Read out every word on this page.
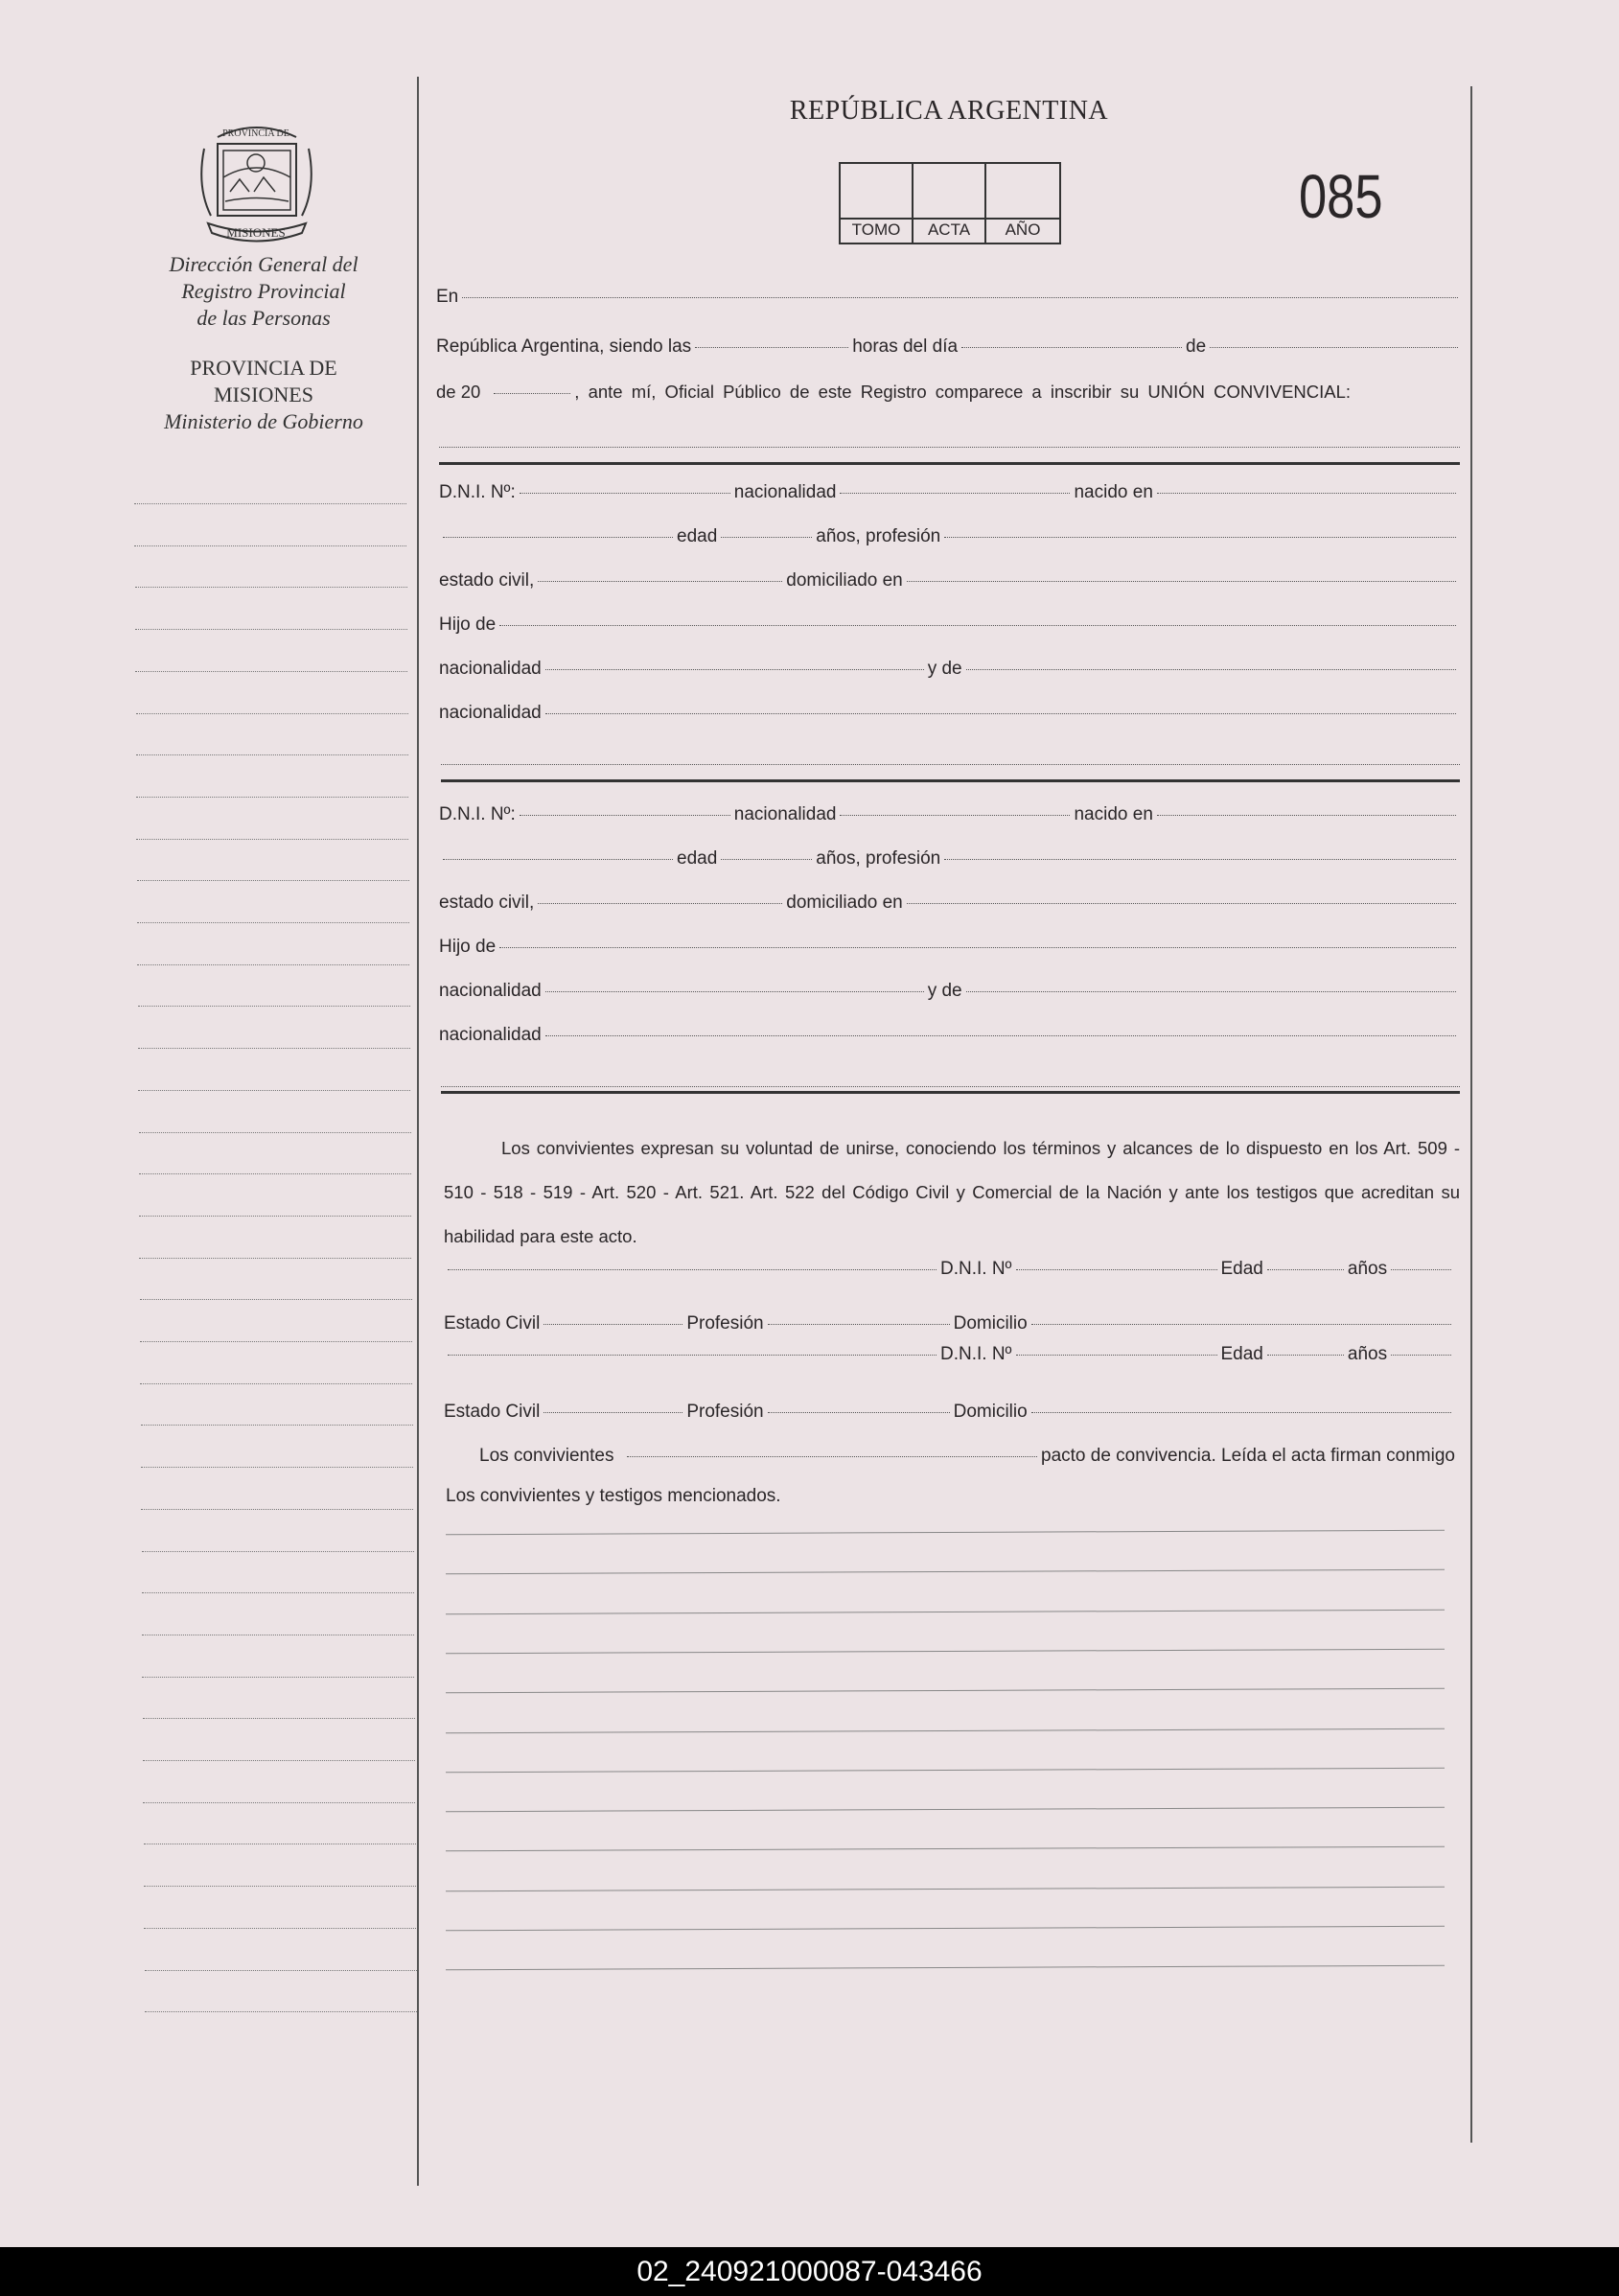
PROVINCIA DE
MISIONES
Dirección General del
Registro Provincial
de las Personas
PROVINCIA DE
MISIONES
Ministerio de Gobierno
REPÚBLICA ARGENTINA
085
TOMO	ACTA	AÑO
En
República Argentina, siendo las	horas del día	de
de 20	, ante mí, Oficial Público de este Registro comparece a inscribir su UNIÓN CONVIVENCIAL:
D.N.I. Nº:	nacionalidad	nacido en
edad	años, profesión
estado civil,	domiciliado en
Hijo de
nacionalidad	y de
nacionalidad
D.N.I. Nº:	nacionalidad	nacido en
edad	años, profesión
estado civil,	domiciliado en
Hijo de
nacionalidad	y de
nacionalidad
Los convivientes expresan su voluntad de unirse, conociendo los términos y alcances de lo dispuesto en los Art. 509 - 510 - 518 - 519 - Art. 520 - Art. 521. Art. 522 del Código Civil y Comercial de la Nación y ante los testigos que acreditan su habilidad para este acto.
D.N.I. Nº	Edad	años
Estado Civil	Profesión	Domicilio
D.N.I. Nº	Edad	años
Estado Civil	Profesión	Domicilio
Los convivientes	pacto de convivencia. Leída el acta firman conmigo
Los convivientes y testigos mencionados.
02_240921000087-043466
